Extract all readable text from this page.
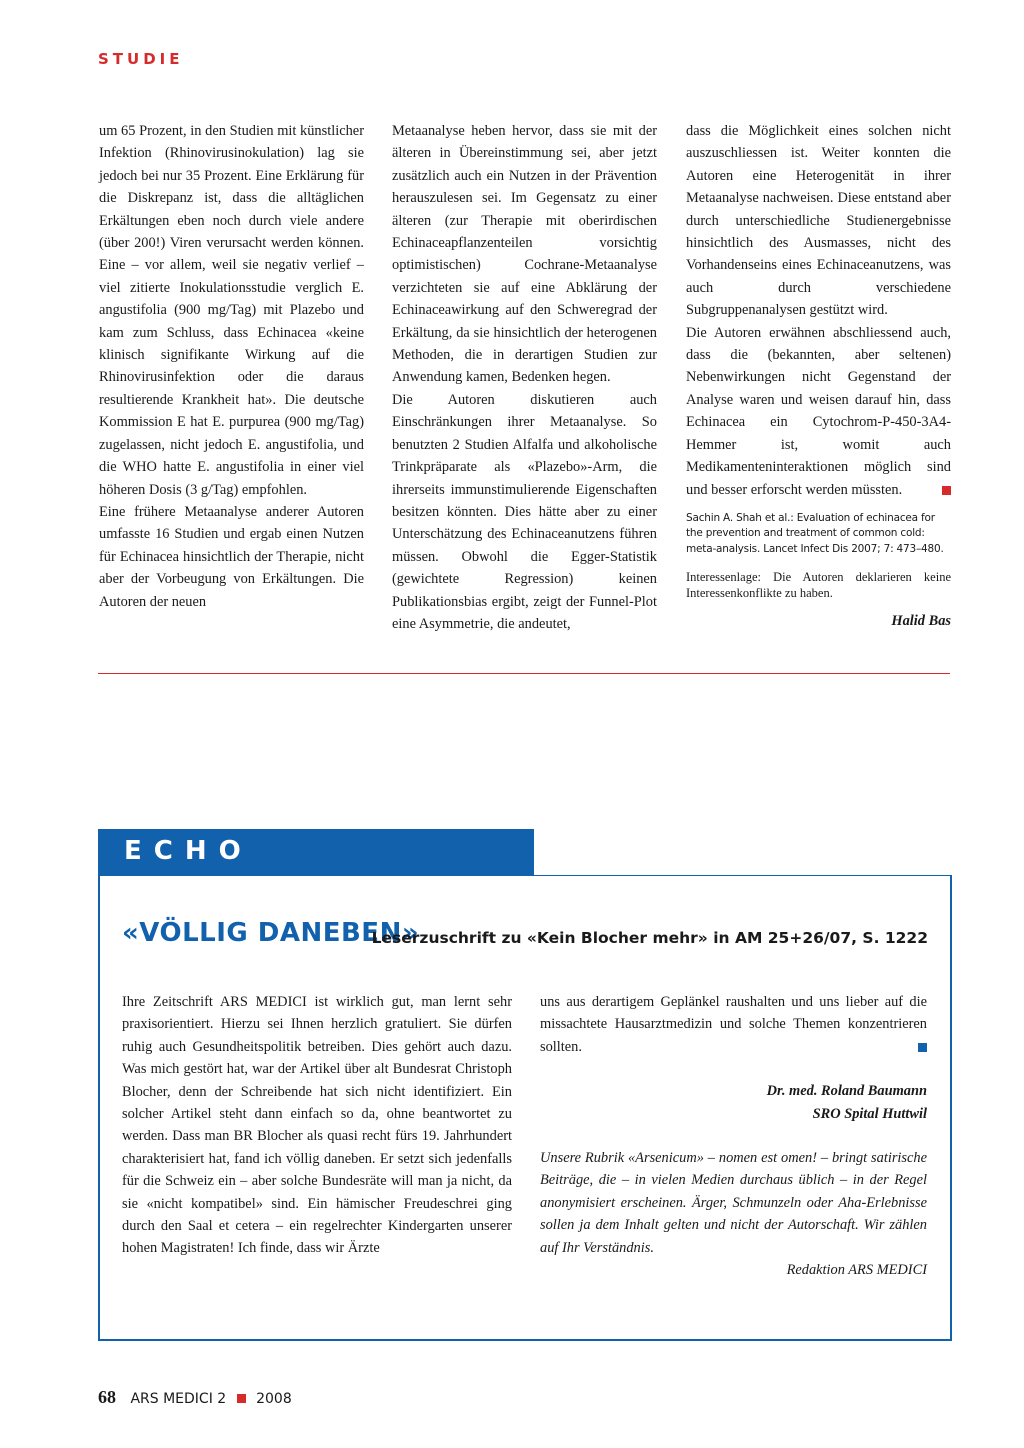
STUDIE

um 65 Prozent, in den Studien mit künstlicher Infektion (Rhinovirusinokulation) lag sie jedoch bei nur 35 Prozent. Eine Erklärung für die Diskrepanz ist, dass die alltäglichen Erkältungen eben noch durch viele andere (über 200!) Viren verursacht werden können. Eine – vor allem, weil sie negativ verlief – viel zitierte Inokulationsstudie verglich E. angustifolia (900 mg/Tag) mit Plazebo und kam zum Schluss, dass Echinacea «keine klinisch signifikante Wirkung auf die Rhinovirusinfektion oder die daraus resultierende Krankheit hat». Die deutsche Kommission E hat E. purpurea (900 mg/Tag) zugelassen, nicht jedoch E. angustifolia, und die WHO hatte E. angustifolia in einer viel höheren Dosis (3 g/Tag) empfohlen.

Eine frühere Metaanalyse anderer Autoren umfasste 16 Studien und ergab einen Nutzen für Echinacea hinsichtlich der Therapie, nicht aber der Vorbeugung von Erkältungen. Die Autoren der neuen

Metaanalyse heben hervor, dass sie mit der älteren in Übereinstimmung sei, aber jetzt zusätzlich auch ein Nutzen in der Prävention herauszulesen sei. Im Gegensatz zu einer älteren (zur Therapie mit oberirdischen Echinaceapflanzenteilen vorsichtig optimistischen) Cochrane-Metaanalyse verzichteten sie auf eine Abklärung der Echinaceawirkung auf den Schweregrad der Erkältung, da sie hinsichtlich der heterogenen Methoden, die in derartigen Studien zur Anwendung kamen, Bedenken hegen.

Die Autoren diskutieren auch Einschränkungen ihrer Metaanalyse. So benutzten 2 Studien Alfalfa und alkoholische Trinkpräparate als «Plazebo»-Arm, die ihrerseits immunstimulierende Eigenschaften besitzen könnten. Dies hätte aber zu einer Unterschätzung des Echinaceanutzens führen müssen. Obwohl die Egger-Statistik (gewichtete Regression) keinen Publikationsbias ergibt, zeigt der Funnel-Plot eine Asymmetrie, die andeutet,

dass die Möglichkeit eines solchen nicht auszuschliessen ist. Weiter konnten die Autoren eine Heterogenität in ihrer Metaanalyse nachweisen. Diese entstand aber durch unterschiedliche Studienergebnisse hinsichtlich des Ausmasses, nicht des Vorhandenseins eines Echinaceanutzens, was auch durch verschiedene Subgruppenanalysen gestützt wird.

Die Autoren erwähnen abschliessend auch, dass die (bekannten, aber seltenen) Nebenwirkungen nicht Gegenstand der Analyse waren und weisen darauf hin, dass Echinacea ein Cytochrom-P-450-3A4-Hemmer ist, womit auch Medikamenteninteraktionen möglich sind und besser erforscht werden müssten.

Sachin A. Shah et al.: Evaluation of echinacea for the prevention and treatment of common cold: meta-analysis. Lancet Infect Dis 2007; 7: 473–480.

Interessenlage: Die Autoren deklarieren keine Interessenkonflikte zu haben.

Halid Bas

ECHO
«VÖLLIG DANEBEN»
Leserzuschrift zu «Kein Blocher mehr» in AM 25+26/07, S. 1222

Ihre Zeitschrift ARS MEDICI ist wirklich gut, man lernt sehr praxisorientiert. Hierzu sei Ihnen herzlich gratuliert. Sie dürfen ruhig auch Gesundheitspolitik betreiben. Dies gehört auch dazu. Was mich gestört hat, war der Artikel über alt Bundesrat Christoph Blocher, denn der Schreibende hat sich nicht identifiziert. Ein solcher Artikel steht dann einfach so da, ohne beantwortet zu werden. Dass man BR Blocher als quasi recht fürs 19. Jahrhundert charakterisiert hat, fand ich völlig daneben. Er setzt sich jedenfalls für die Schweiz ein – aber solche Bundesräte will man ja nicht, da sie «nicht kompatibel» sind. Ein hämischer Freudeschrei ging durch den Saal et cetera – ein regelrechter Kindergarten unserer hohen Magistraten! Ich finde, dass wir Ärzte

uns aus derartigem Geplänkel raushalten und uns lieber auf die missachtete Hausarztmedizin und solche Themen konzentrieren sollten.

Dr. med. Roland Baumann

SRO Spital Huttwil

Unsere Rubrik «Arsenicum» – nomen est omen! – bringt satirische Beiträge, die – in vielen Medien durchaus üblich – in der Regel anonymisiert erscheinen. Ärger, Schmunzeln oder Aha-Erlebnisse sollen ja dem Inhalt gelten und nicht der Autorschaft. Wir zählen auf Ihr Verständnis.

Redaktion ARS MEDICI

68 ARS MEDICI 2 2008
